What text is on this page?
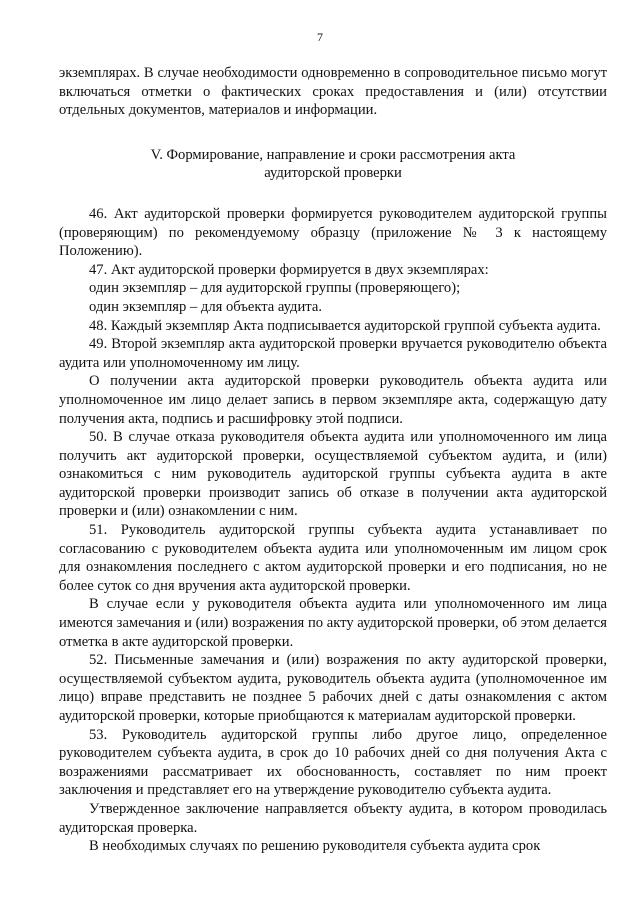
7

экземплярах. В случае необходимости одновременно в сопроводительное письмо могут включаться отметки о фактических сроках предоставления и (или) отсутствии отдельных документов, материалов и информации.

V. Формирование, направление и сроки рассмотрения акта
аудиторской проверки

46. Акт аудиторской проверки формируется руководителем аудиторской группы (проверяющим) по рекомендуемому образцу (приложение № 3 к настоящему Положению).

47. Акт аудиторской проверки формируется в двух экземплярах:

один экземпляр – для аудиторской группы (проверяющего);

один экземпляр – для объекта аудита.

48. Каждый экземпляр Акта подписывается аудиторской группой субъекта аудита.

49. Второй экземпляр акта аудиторской проверки вручается руководителю объекта аудита или уполномоченному им лицу.

О получении акта аудиторской проверки руководитель объекта аудита или уполномоченное им лицо делает запись в первом экземпляре акта, содержащую дату получения акта, подпись и расшифровку этой подписи.

50. В случае отказа руководителя объекта аудита или уполномоченного им лица получить акт аудиторской проверки, осуществляемой субъектом аудита, и (или) ознакомиться с ним руководитель аудиторской группы субъекта аудита в акте аудиторской проверки производит запись об отказе в получении акта аудиторской проверки и (или) ознакомлении с ним.

51. Руководитель аудиторской группы субъекта аудита устанавливает по согласованию с руководителем объекта аудита или уполномоченным им лицом срок для ознакомления последнего с актом аудиторской проверки и его подписания, но не более суток со дня вручения акта аудиторской проверки.

В случае если у руководителя объекта аудита или уполномоченного им лица имеются замечания и (или) возражения по акту аудиторской проверки, об этом делается отметка в акте аудиторской проверки.

52. Письменные замечания и (или) возражения по акту аудиторской проверки, осуществляемой субъектом аудита, руководитель объекта аудита (уполномоченное им лицо) вправе представить не позднее 5 рабочих дней с даты ознакомления с актом аудиторской проверки, которые приобщаются к материалам аудиторской проверки.

53. Руководитель аудиторской группы либо другое лицо, определенное руководителем субъекта аудита, в срок до 10 рабочих дней со дня получения Акта с возражениями рассматривает их обоснованность, составляет по ним проект заключения и представляет его на утверждение руководителю субъекта аудита.

Утвержденное заключение направляется объекту аудита, в котором проводилась аудиторская проверка.

В необходимых случаях по решению руководителя субъекта аудита срок
